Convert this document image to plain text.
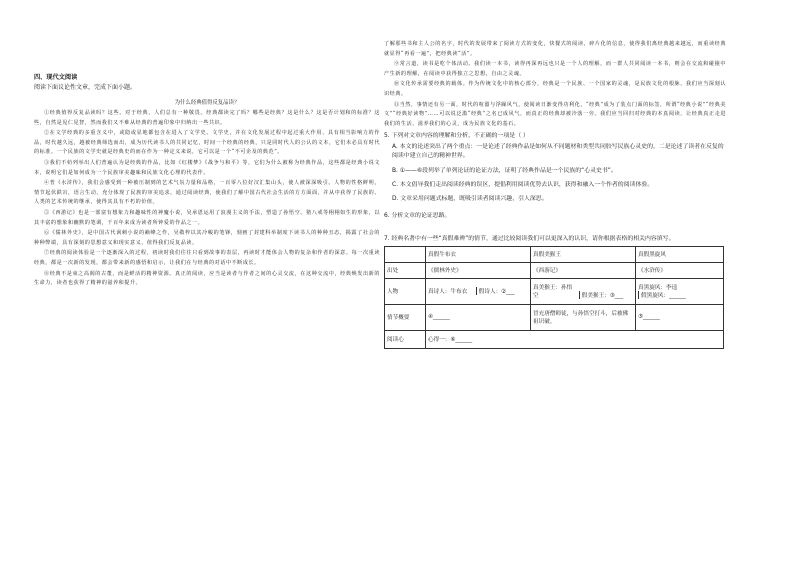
四、现代文阅读
阅读下面议论性文章，完成下面小题。
为什么经典值得反复品读？

①经典值得反复品读吗？这些。对于经典，人们总有一种敬畏。经典都读完了吗？哪些是经典？这是什么？这是否计划和的标准？这些，自然是见仁见智，然而我们又不难从经典的普遍印象中归纳出一些共识。

②在文学经典的多重含义中，或隐或显地都包含在进入了文学史、文学史，并在文化发展过程中起过重大作用、具有相当影响力的作品，时代越久远，越被经典筛选而出，成为历代读书人的共同记忆，时间一个经典的经典，只是同时代人的公认的文本，它们未必具有时代的标准。一个民族的文学史就是经典史的而在作为一种定义来说，它可以是一个“不可企及的典范”。

③我们不妨列举出人们普遍认为是经典的作品，比如《红楼梦》《战争与和平》等，它们为什么被称为经典作品，这些都是经典小说文本，说明它们是如何成为一个民族审美趣味和民族文化心理的代表作。

④普《水浒传》，我们会感受到一种被压制到的艺术气氛力量和品格，一百零八位好汉汇集山头，使人被深深吸引。人物的性格鲜明，情节起伏跌宕，语言生动，充分体现了民族的审美追求。通过阅读经典，使我们了解中国古代社会生活的方方面面，并从中获得了民族的、人类的艺术传统的继承，使得其具有不朽的价值。

⑤《西游记》也是一部富有想象力和趣味性的神魔小说，吴承恩运用了浪漫主义的手法，塑造了孙悟空、猪八戒等栩栩如生的形象，以其丰富的想象和幽默的笔调，千百年来成为读者所钟爱的作品之一。

⑥《儒林外史》，是中国古代讽刺小说的巅峰之作，吴敬梓以其冷峻的笔锋，刻画了封建科举制度下读书人的种种丑态，揭露了社会的种种弊端，具有深刻的思想意义和现实意义，值得我们反复品读。

⑦经典的阅读体验是一个逐渐深入的过程，初读时我们往往只看到故事的表层，再读时才能体会人物的复杂和作者的深意。每一次重读经典，都是一次新的发现，都会带来新的感悟和启示，让我们在与经典的对话中不断成长。

⑧经典不是束之高阁的古董，而是鲜活的精神资源。真正的阅读，应当是读者与作者之间的心灵交流，在这种交流中，经典焕发出新的生命力，读者也获得了精神的滋养和提升。

了解那些书和主人公的名字，时代的发展带来了阅读方式的变化，快餐式的阅读，碎片化的信息，使得我们离经典越来越远，而重读经典就显得“再看一遍”，把经典读“活”。

⑨常言道，读书是吃个体活动。我们读一本书，读得再深再远也只是一个人的理解，而一群人共同阅读一本书，则会在交流和碰撞中产生新的理解，在阅读中获得独立之思想，自由之灵魂。

⑩文化传承需要经典的载体。作为传统文化中的核心部分，经典是一个民族、一个国家的灵魂，是民族文化的根脉，我们应当深刻认识经典。

⑪当然，事情还有另一面，时代的喧嚣与浮躁风气，使阅读日渐变得功利化，“经典”成为了装点门面的标签，所谓“经典小说”“经典美文”“经典好读物”……可以说泛滥“经典”之名已成风气，而真正的经典却被冷落一旁。我们应当回归对经典的本真阅读，让经典真正走进我们的生活，滋养我们的心灵，成为民族文化的基石。

5. 下列对文章内容的理解和分析，不正确的一项是（ ）

A. 本文的论述突出了两个重点：一是论述了经典作品是如何从不同题材和类型共同胶写民族心灵史的，二是论述了读者在反复的阅读中建立自己的精神世界。

B. ①——⑥段列举了单列论证的论证方法，证明了经典作品是一个民族的“心灵史书”。

C. 本文倡导我们走出阅读经典的误区，提倡利用阅读优势去认识，获得和融入一个作者的阅读体验。

D. 文章采用问题式标题，既吸引读者阅读兴趣，引人深思。

6. 分析文章的论证思路。

7. 经典名著中有一些“真假难辨”的情节，通过比较阅读我们可以更深入的认识，请你根据表格的相关内容填写。

	真假牛布衣	真假美猴王	真假黑旋风
出处	《儒林外史》	《西游记》	《水浒传》
人物	真诗人：牛布衣 假诗人：②___	真美猴王：孙悟空 假美猴王：③___	真黑旋风：李逵 假黑旋风：______
情节概要	④______	冒充唐僧师徒，与孙悟空打斗，后被佛祖识破。	⑤______
阅读心	心得一：⑥______		
